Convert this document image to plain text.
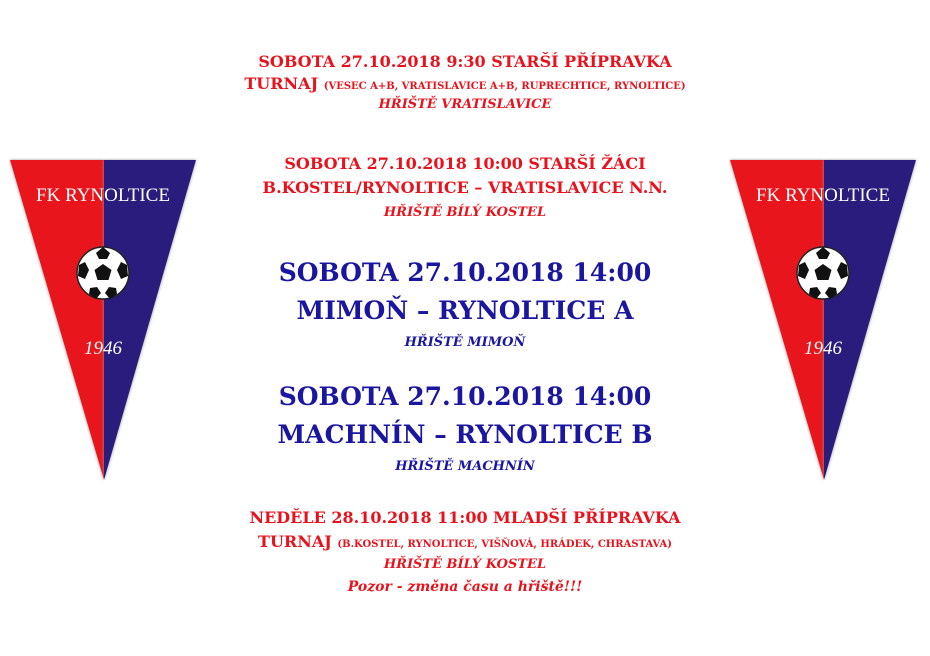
FK RYNOLTICE
1946
FK RYNOLTICE
1946
SOBOTA 27.10.2018 9:30 STARŠÍ PŘÍPRAVKA
TURNAJ (VESEC A+B, VRATISLAVICE A+B, RUPRECHTICE, RYNOLTICE)
HŘIŠTĚ VRATISLAVICE
SOBOTA 27.10.2018 10:00 STARŠÍ ŽÁCI
B.KOSTEL/RYNOLTICE – VRATISLAVICE N.N.
HŘIŠTĚ BÍLÝ KOSTEL
SOBOTA 27.10.2018 14:00
MIMOŇ – RYNOLTICE A
HŘIŠTĚ MIMOŇ
SOBOTA 27.10.2018 14:00
MACHNÍN – RYNOLTICE B
HŘIŠTĚ MACHNÍN
NEDĚLE 28.10.2018 11:00 MLADŠÍ PŘÍPRAVKA
TURNAJ (B.KOSTEL, RYNOLTICE, VIŠŇOVÁ, HRÁDEK, CHRASTAVA)
HŘIŠTĚ BÍLÝ KOSTEL
Pozor - změna času a hřiště!!!
